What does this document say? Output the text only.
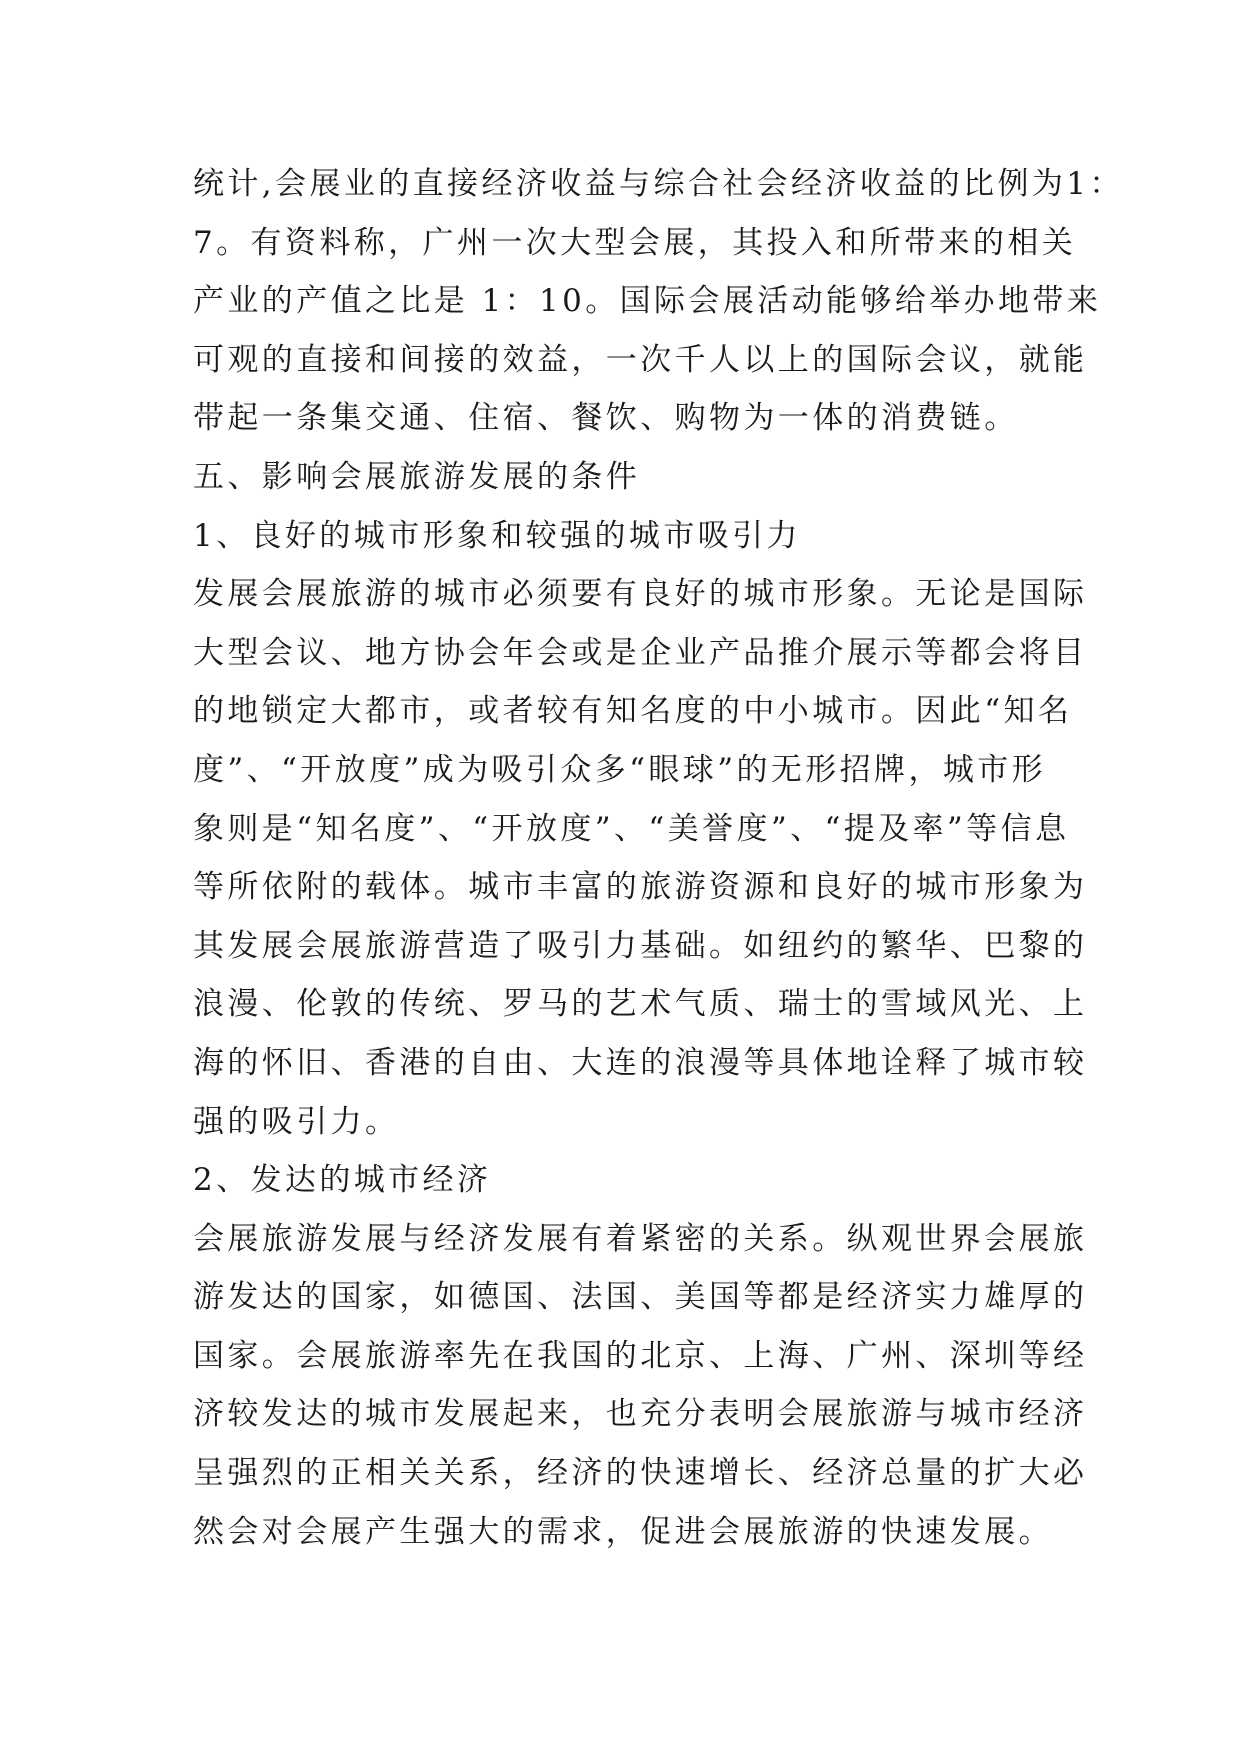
统计,会展业的直接经济收益与综合社会经济收益的比例为1：
7。有资料称，广州一次大型会展，其投入和所带来的相关
产业的产值之比是 1：10。国际会展活动能够给举办地带来
可观的直接和间接的效益，一次千人以上的国际会议，就能
带起一条集交通、住宿、餐饮、购物为一体的消费链。
五、影响会展旅游发展的条件
1、良好的城市形象和较强的城市吸引力
发展会展旅游的城市必须要有良好的城市形象。无论是国际
大型会议、地方协会年会或是企业产品推介展示等都会将目
的地锁定大都市，或者较有知名度的中小城市。因此“知名
度”、“开放度”成为吸引众多“眼球”的无形招牌，城市形
象则是“知名度”、“开放度”、“美誉度”、“提及率”等信息
等所依附的载体。城市丰富的旅游资源和良好的城市形象为
其发展会展旅游营造了吸引力基础。如纽约的繁华、巴黎的
浪漫、伦敦的传统、罗马的艺术气质、瑞士的雪域风光、上
海的怀旧、香港的自由、大连的浪漫等具体地诠释了城市较
强的吸引力。
2、发达的城市经济
会展旅游发展与经济发展有着紧密的关系。纵观世界会展旅
游发达的国家，如德国、法国、美国等都是经济实力雄厚的
国家。会展旅游率先在我国的北京、上海、广州、深圳等经
济较发达的城市发展起来，也充分表明会展旅游与城市经济
呈强烈的正相关关系，经济的快速增长、经济总量的扩大必
然会对会展产生强大的需求，促进会展旅游的快速发展。
